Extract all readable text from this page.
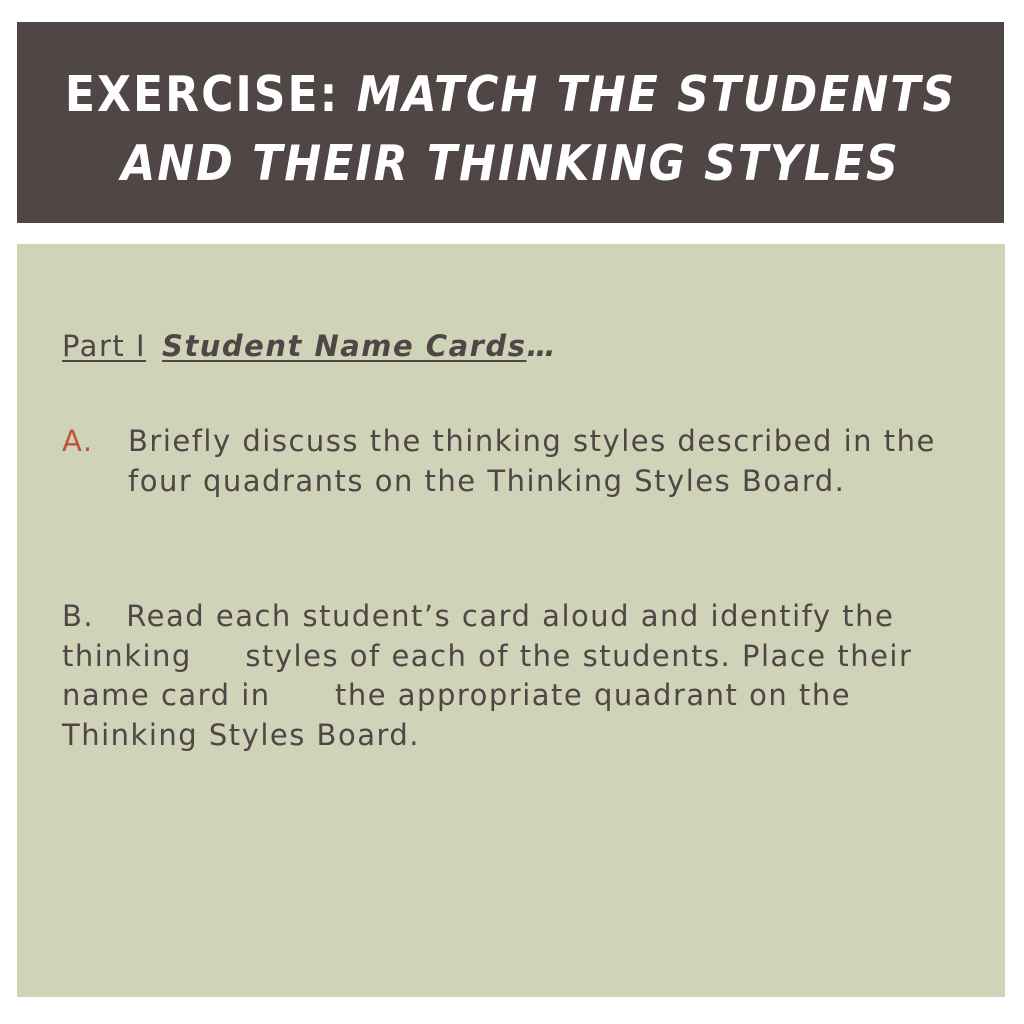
EXERCISE: MATCH THE STUDENTS AND THEIR THINKING STYLES

Part I Student Name Cards…

A.	Briefly discuss the thinking styles described in the four quadrants on the Thinking Styles Board.
B.   Read each student’s card aloud and identify the thinking     styles of each of the students. Place their name card in      the appropriate quadrant on the Thinking Styles Board.
